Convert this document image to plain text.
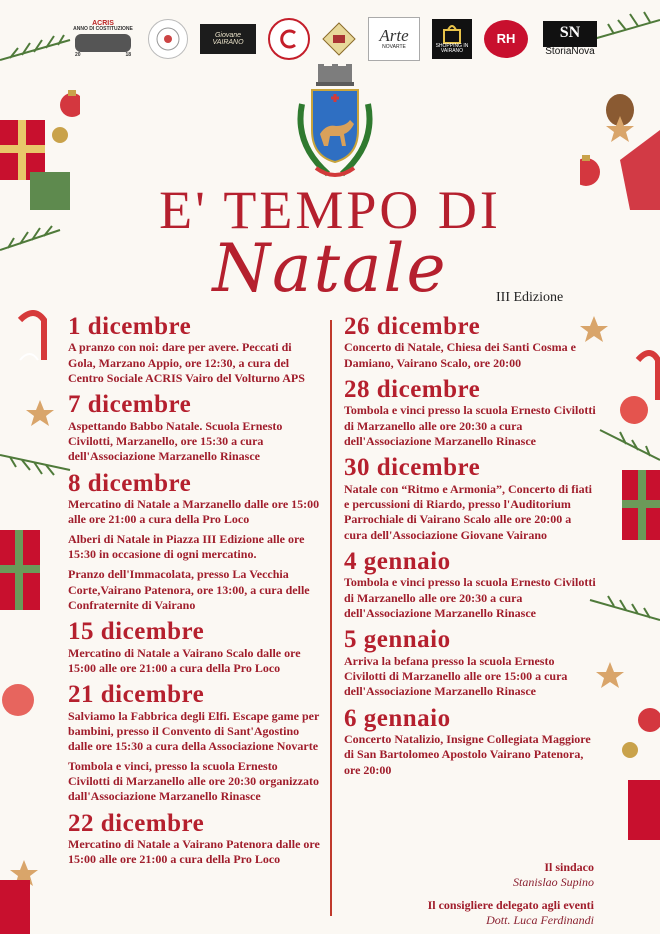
ACRIS
ANNO DI COSTITUZIONE
20	18
Giovane VAIRANO	Arte
NOVARTE	SHOPPING IN VAIRANO
RH	SN
StoriaNova
E' TEMPO DI
Natale	III Edizione

1 dicembre

A pranzo con noi: dare per avere. Peccati di Gola, Marzano Appio, ore 12:30, a cura del Centro Sociale ACRIS Vairo del Volturno APS

7 dicembre

Aspettando Babbo Natale. Scuola Ernesto Civilotti, Marzanello, ore 15:30 a cura dell'Associazione Marzanello Rinasce

8 dicembre

Mercatino di Natale a Marzanello dalle ore 15:00 alle ore 21:00 a cura della Pro Loco

Alberi di Natale in Piazza III Edizione alle ore 15:30 in occasione di ogni mercatino.

Pranzo dell'Immacolata, presso La Vecchia Corte,Vairano Patenora, ore 13:00, a cura delle Confraternite di Vairano

15 dicembre

Mercatino di Natale a Vairano Scalo dalle ore 15:00 alle ore 21:00 a cura della Pro Loco

21 dicembre

Salviamo la Fabbrica degli Elfi. Escape game per bambini, presso il Convento di Sant'Agostino dalle ore 15:30 a cura della Associazione Novarte

Tombola e vinci, presso la scuola Ernesto Civilotti di Marzanello alle ore 20:30 organizzato dall'Associazione Marzanello Rinasce

22 dicembre

Mercatino di Natale a Vairano Patenora dalle ore 15:00 alle ore 21:00 a cura della Pro Loco

26 dicembre

Concerto di Natale, Chiesa dei Santi Cosma e Damiano, Vairano Scalo, ore 20:00

28 dicembre

Tombola e vinci presso la scuola Ernesto Civilotti di Marzanello alle ore 20:30 a cura dell'Associazione Marzanello Rinasce

30 dicembre

Natale con “Ritmo e Armonia”, Concerto di fiati e percussioni di Riardo, presso l'Auditorium Parrochiale di Vairano Scalo alle ore 20:00 a cura dell'Associazione Giovane Vairano

4 gennaio

Tombola e vinci presso la scuola Ernesto Civilotti di Marzanello alle ore 20:30 a cura dell'Associazione Marzanello Rinasce

5 gennaio

Arriva la befana presso la scuola Ernesto Civilotti di Marzanello alle ore 15:00 a cura dell'Associazione Marzanello Rinasce

6 gennaio

Concerto Natalizio, Insigne Collegiata Maggiore di San Bartolomeo Apostolo Vairano Patenora, ore 20:00

Il sindaco
Stanislao Supino
Il consigliere delegato agli eventi
Dott. Luca Ferdinandi
